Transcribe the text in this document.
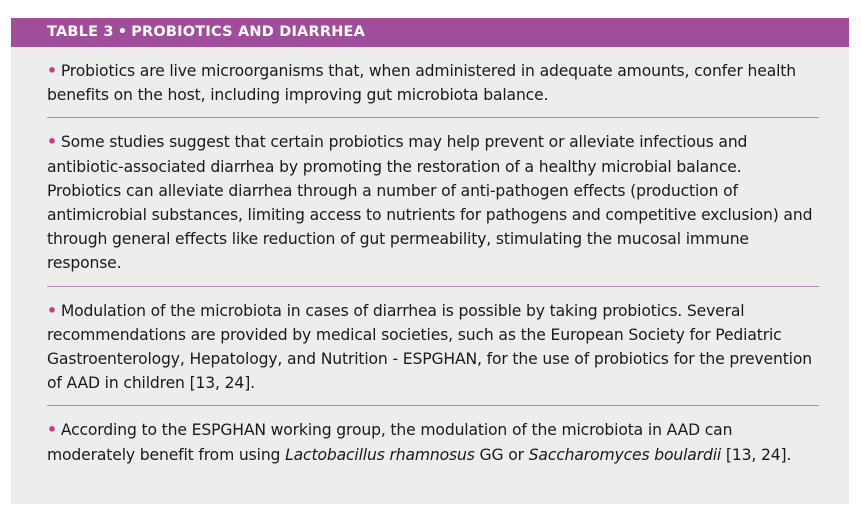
TABLE 3 • PROBIOTICS AND DIARRHEA

• Probiotics are live microorganisms that, when administered in adequate amounts, confer health benefits on the host, including improving gut microbiota balance.

• Some studies suggest that certain probiotics may help prevent or alleviate infectious and antibiotic-associated diarrhea by promoting the restoration of a healthy microbial balance. Probiotics can alleviate diarrhea through a number of anti-pathogen effects (production of antimicrobial substances, limiting access to nutrients for pathogens and competitive exclusion) and through general effects like reduction of gut permeability, stimulating the mucosal immune response.

• Modulation of the microbiota in cases of diarrhea is possible by taking probiotics. Several recommendations are provided by medical societies, such as the European Society for Pediatric Gastroenterology, Hepatology, and Nutrition - ESPGHAN, for the use of probiotics for the prevention of AAD in children [13, 24].

• According to the ESPGHAN working group, the modulation of the microbiota in AAD can moderately benefit from using Lactobacillus rhamnosus GG or Saccharomyces boulardii [13, 24].
